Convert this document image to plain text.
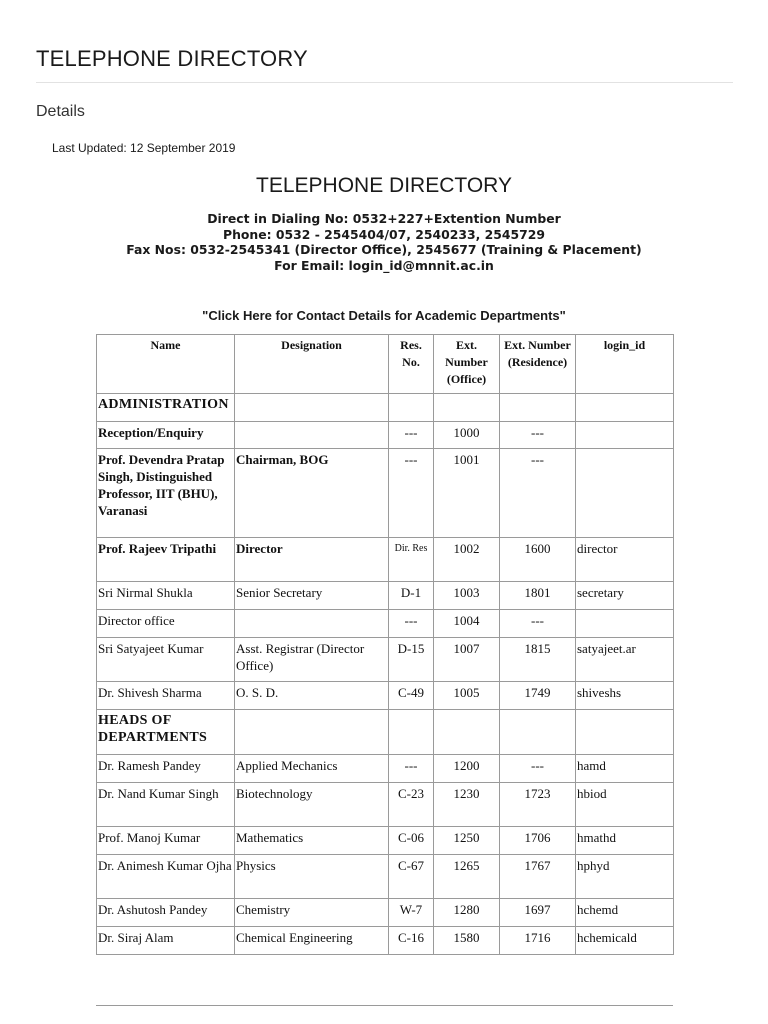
TELEPHONE DIRECTORY
Details
Last Updated: 12 September 2019
TELEPHONE DIRECTORY
Direct in Dialing No: 0532+227+Extention Number
Phone: 0532 - 2545404/07, 2540233, 2545729
Fax Nos: 0532-2545341 (Director Office), 2545677 (Training & Placement)
For Email: login_id@mnnit.ac.in
"Click Here for Contact Details for Academic Departments"
Name	Designation	Res. No.	Ext. Number (Office)	Ext. Number (Residence)	login_id
ADMINISTRATION					
Reception/Enquiry		---	1000	---	
Prof. Devendra Pratap Singh, Distinguished Professor, IIT (BHU), Varanasi	Chairman, BOG	---	1001	---	
Prof. Rajeev Tripathi	Director	Dir. Res	1002	1600	director
Sri Nirmal Shukla	Senior Secretary	D-1	1003	1801	secretary
Director office		---	1004	---	
Sri Satyajeet Kumar	Asst. Registrar (Director Office)	D-15	1007	1815	satyajeet.ar
Dr. Shivesh Sharma	O. S. D.	C-49	1005	1749	shiveshs
HEADS OF DEPARTMENTS					
Dr. Ramesh Pandey	Applied Mechanics	---	1200	---	hamd
Dr. Nand Kumar Singh	Biotechnology	C-23	1230	1723	hbiod
Prof. Manoj Kumar	Mathematics	C-06	1250	1706	hmathd
Dr. Animesh Kumar Ojha	Physics	C-67	1265	1767	hphyd
Dr. Ashutosh Pandey	Chemistry	W-7	1280	1697	hchemd
Dr. Siraj Alam	Chemical Engineering	C-16	1580	1716	hchemicald
